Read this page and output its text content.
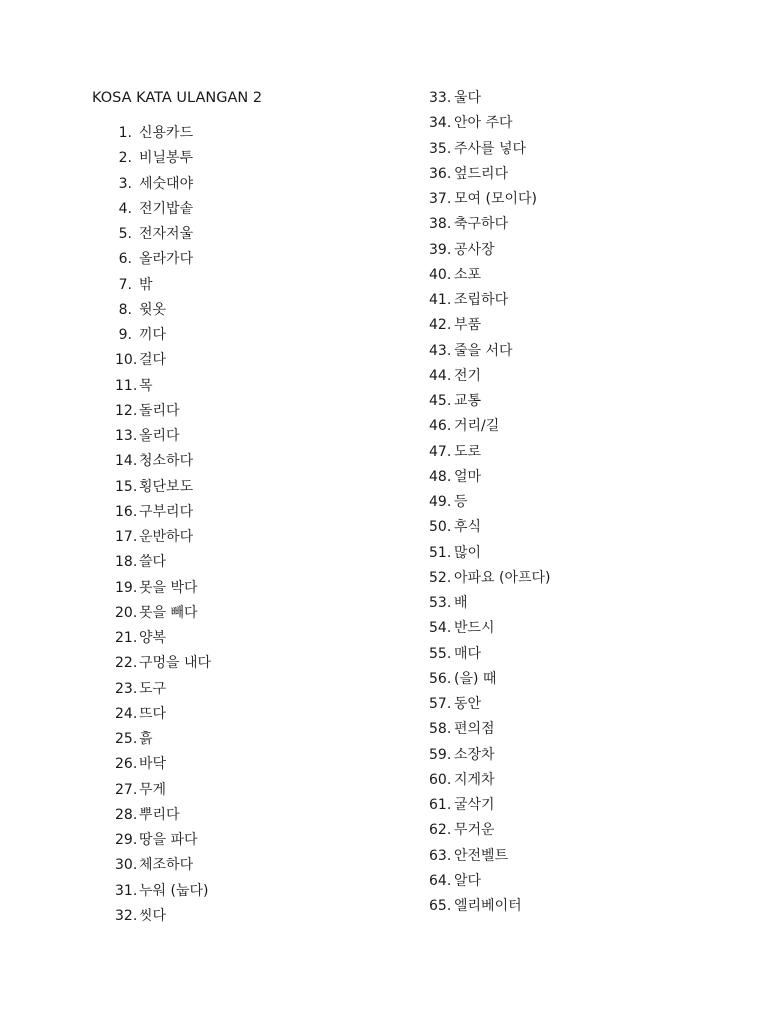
KOSA KATA ULANGAN 2
1. 신용카드
2. 비닐봉투
3. 세숫대야
4. 전기밥솥
5. 전자저울
6. 올라가다
7. 밖
8. 윗옷
9. 끼다
10. 걸다
11. 목
12. 돌리다
13. 올리다
14. 청소하다
15. 횡단보도
16. 구부리다
17. 운반하다
18. 쓸다
19. 못을 박다
20. 못을 빼다
21. 양복
22. 구멍을 내다
23. 도구
24. 뜨다
25. 흙
26. 바닥
27. 무게
28. 뿌리다
29. 땅을 파다
30. 체조하다
31. 누워 (눕다)
32. 씻다
33. 울다
34. 안아 주다
35. 주사를 넣다
36. 엎드리다
37. 모여 (모이다)
38. 축구하다
39. 공사장
40. 소포
41. 조립하다
42. 부품
43. 줄을 서다
44. 전기
45. 교통
46. 거리/길
47. 도로
48. 얼마
49. 등
50. 후식
51. 많이
52. 아파요 (아프다)
53. 배
54. 반드시
55. 매다
56. (을) 때
57. 동안
58. 편의점
59. 소장차
60. 지게차
61. 굴삭기
62. 무거운
63. 안전벨트
64. 알다
65. 엘리베이터
